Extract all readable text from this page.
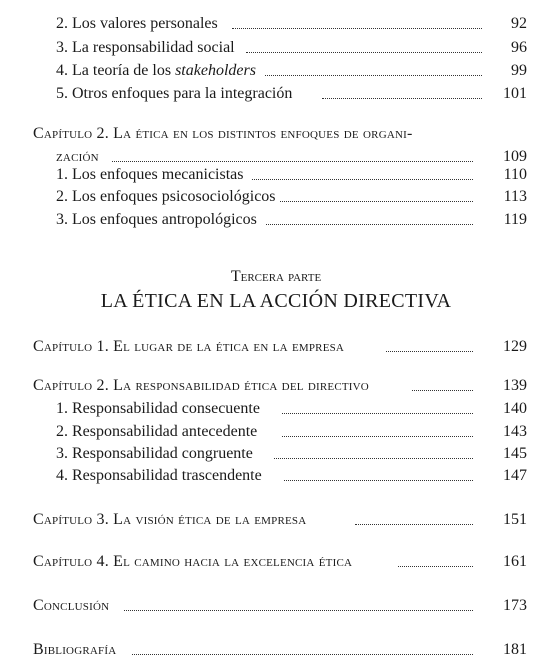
2. Los valores personales	92
3. La responsabilidad social	96
4. La teoría de los stakeholders	99
5. Otros enfoques para la integración	101
Capítulo 2. La ética en los distintos enfoques de organi-
zación	109
1. Los enfoques mecanicistas	110
2. Los enfoques psicosociológicos	113
3. Los enfoques antropológicos	119
Tercera parte
LA ÉTICA EN LA ACCIÓN DIRECTIVA
Capítulo 1. El lugar de la ética en la empresa	129
Capítulo 2. La responsabilidad ética del directivo	139
1. Responsabilidad consecuente	140
2. Responsabilidad antecedente	143
3. Responsabilidad congruente	145
4. Responsabilidad trascendente	147
Capítulo 3. La visión ética de la empresa	151
Capítulo 4. El camino hacia la excelencia ética	161
Conclusión	173
Bibliografía	181
